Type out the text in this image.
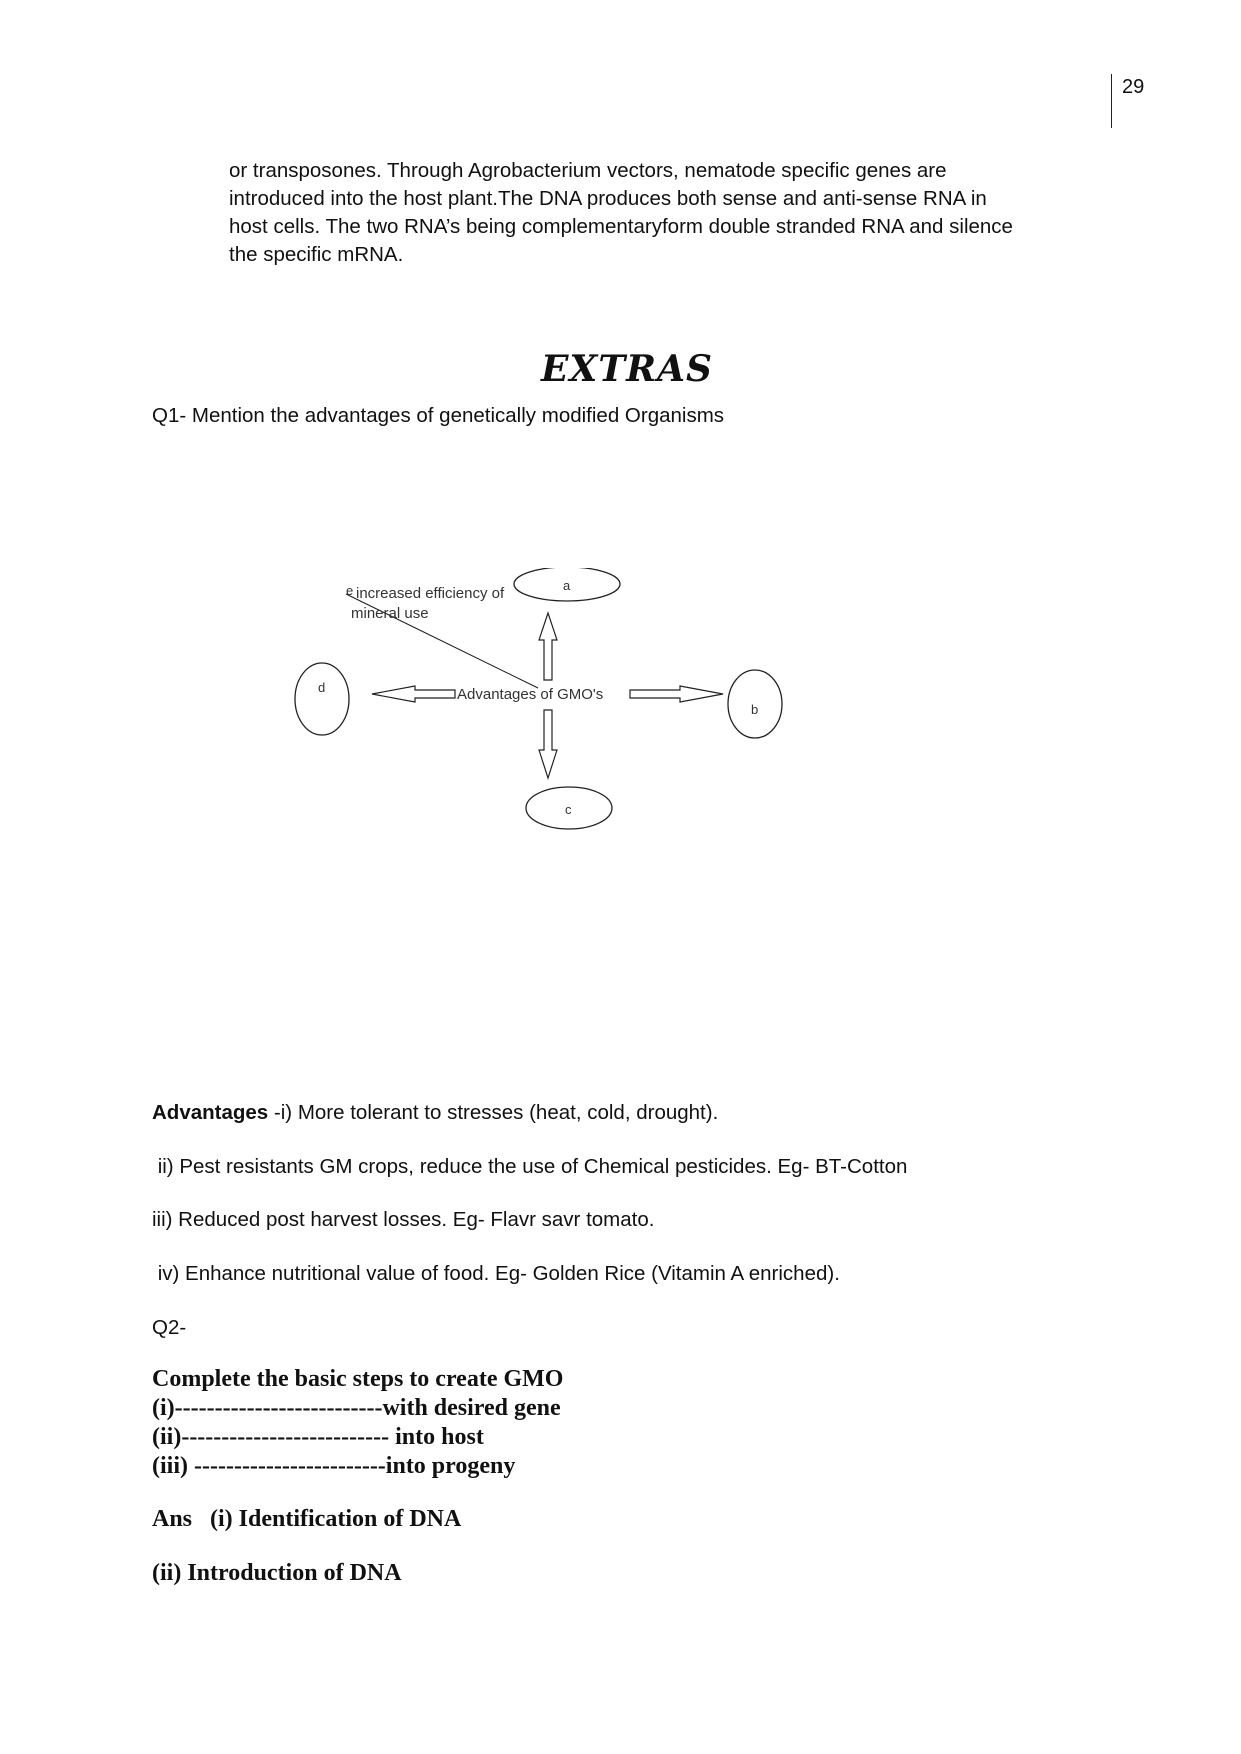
29

or transposones. Through Agrobacterium vectors, nematode specific genes are introduced into the host plant.The DNA produces both sense and anti-sense RNA in host cells. The two RNA’s being complementaryform double stranded RNA and silence the specific mRNA.

EXTRAS

Q1- Mention the advantages of genetically modified Organisms

a
b
c
d	Advantages of GMO's
e increased efficiency of
mineral use

Advantages -i) More tolerant to stresses (heat, cold, drought).

ii) Pest resistants GM crops, reduce the use of Chemical pesticides. Eg- BT-Cotton

iii) Reduced post harvest losses. Eg- Flavr savr tomato.

iv) Enhance nutritional value of food. Eg- Golden Rice (Vitamin A enriched).

Q2-

Complete the basic steps to create GMO

(i)--------------------------with desired gene

(ii)-------------------------- into host

(iii) ------------------------into progeny

Ans   (i) Identification of DNA

(ii) Introduction of DNA
